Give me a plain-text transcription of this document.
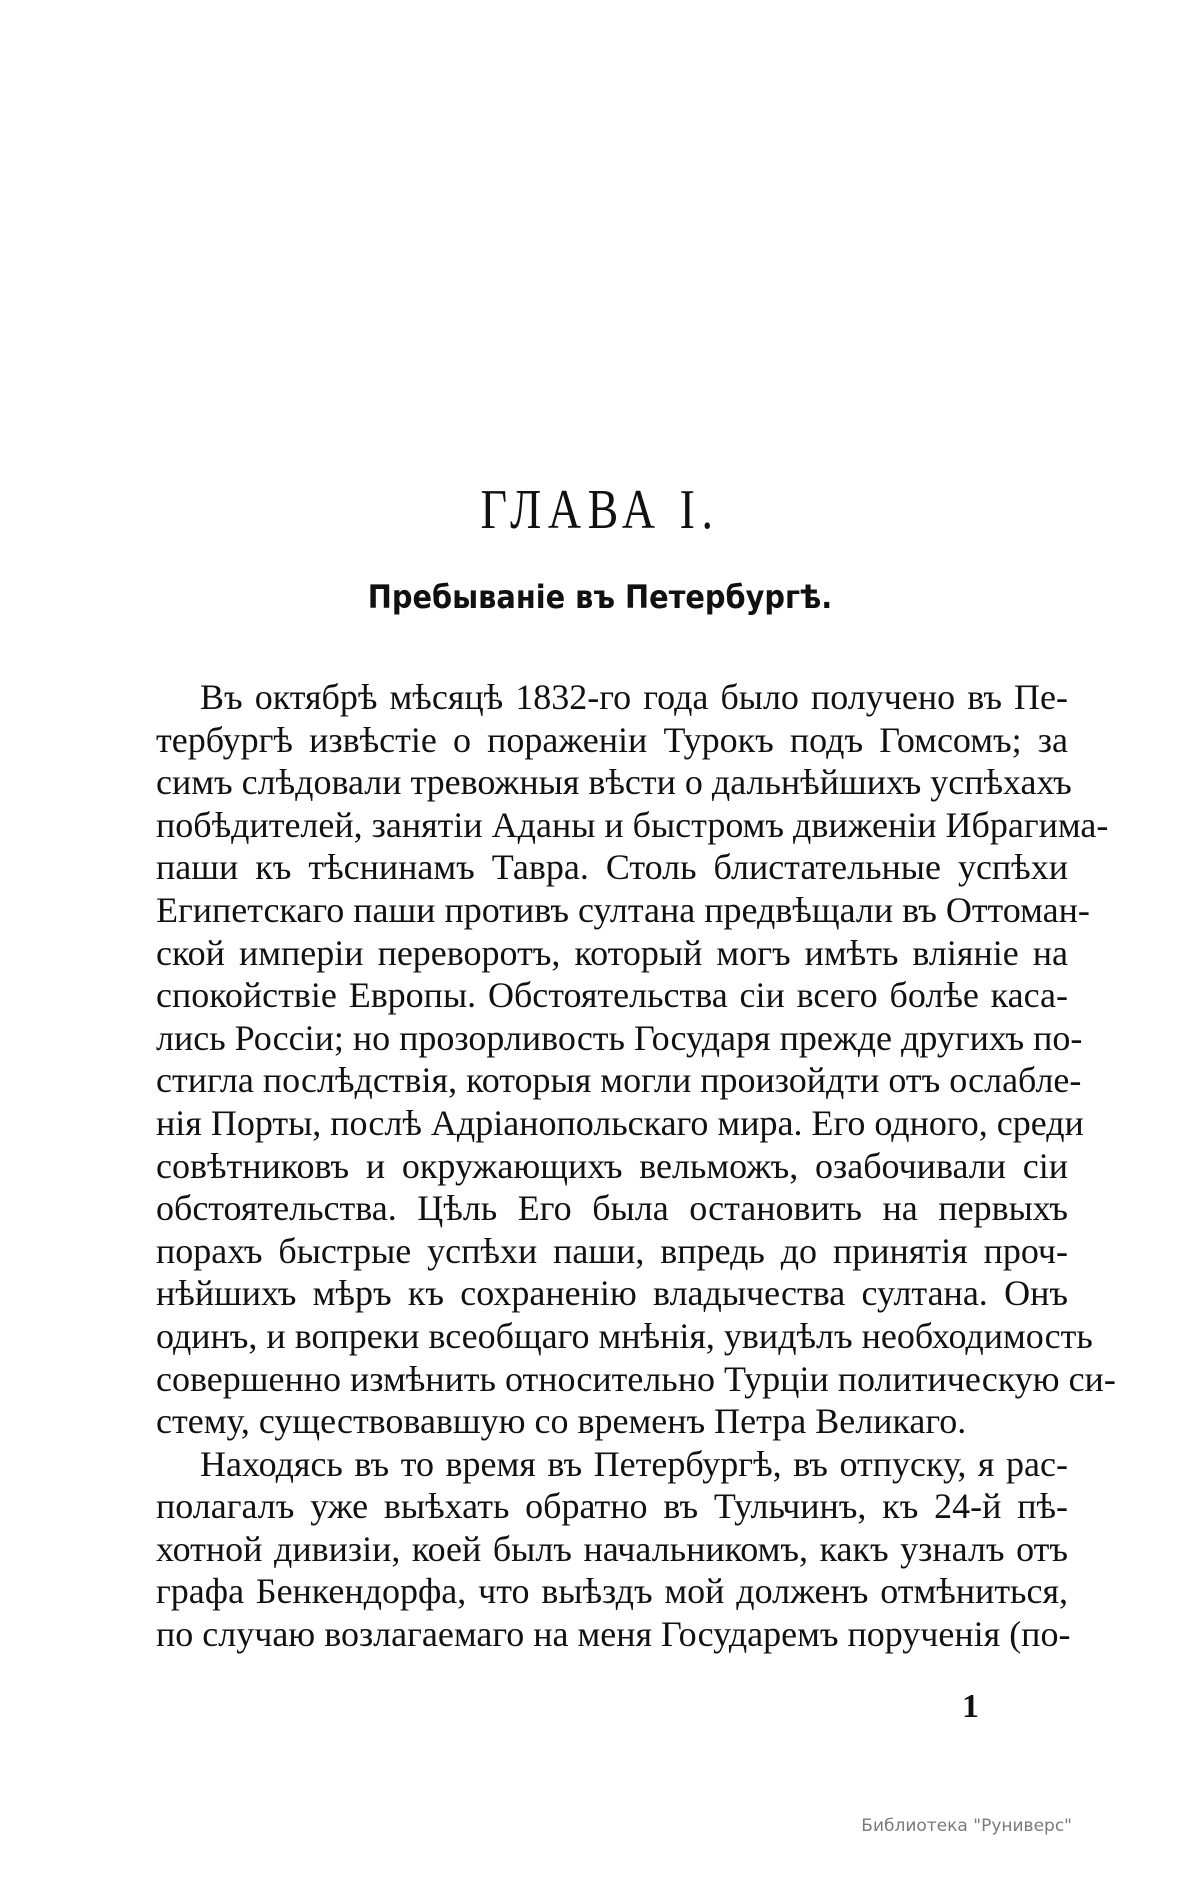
ГЛАВА I.
Пребываніе въ Петербургѣ.
Въ октябрѣ мѣсяцѣ 1832-го года было получено въ Пе-
тербургѣ извѣстіе о пораженіи Турокъ подъ Гомсомъ; за
симъ слѣдовали тревожныя вѣсти о дальнѣйшихъ успѣхахъ
побѣдителей, занятіи Аданы и быстромъ движеніи Ибрагима-
паши къ тѣснинамъ Тавра. Столь блистательные успѣхи
Египетскаго паши противъ султана предвѣщали въ Оттоман-
ской имперіи переворотъ, который могъ имѣть вліяніе на
спокойствіе Европы. Обстоятельства сіи всего болѣе каса-
лись Россіи; но прозорливость Государя прежде другихъ по-
стигла послѣдствія, которыя могли произойдти отъ ослабле-
нія Порты, послѣ Адріанопольскаго мира. Его одного, среди
совѣтниковъ и окружающихъ вельможъ, озабочивали сіи
обстоятельства. Цѣль Его была остановить на первыхъ
порахъ быстрые успѣхи паши, впредь до принятія проч-
нѣйшихъ мѣръ къ сохраненію владычества султана. Онъ
одинъ, и вопреки всеобщаго мнѣнія, увидѣлъ необходимость
совершенно измѣнить относительно Турціи политическую си-
стему, существовавшую со временъ Петра Великаго.
Находясь въ то время въ Петербургѣ, въ отпуску, я рас-
полагалъ уже выѣхать обратно въ Тульчинъ, къ 24-й пѣ-
хотной дивизіи, коей былъ начальникомъ, какъ узналъ отъ
графа Бенкендорфа, что выѣздъ мой долженъ отмѣниться,
по случаю возлагаемаго на меня Государемъ порученія (по-
1
Библиотека "Руниверс"
